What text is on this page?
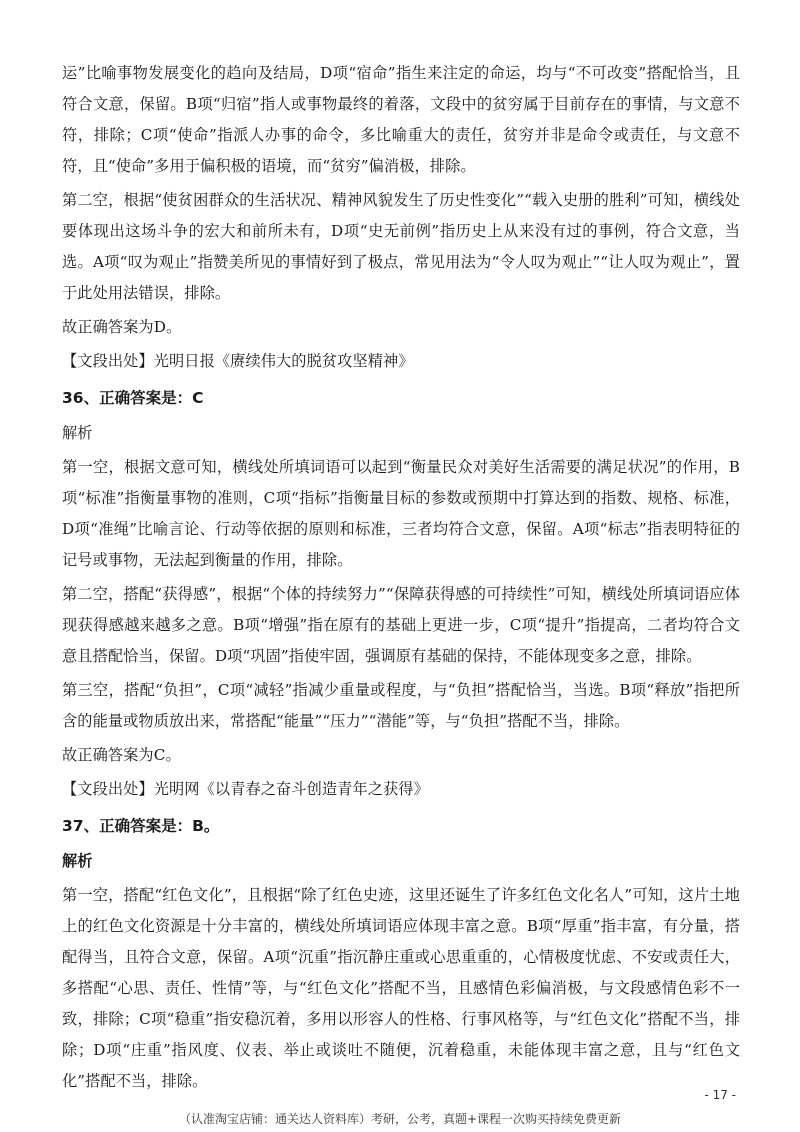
运”比喻事物发展变化的趋向及结局，D项“宿命”指生来注定的命运，均与“不可改变”搭配恰当，且符合文意，保留。B项“归宿”指人或事物最终的着落，文段中的贫穷属于目前存在的事情，与文意不符，排除；C项“使命”指派人办事的命令，多比喻重大的责任，贫穷并非是命令或责任，与文意不符，且“使命”多用于偏积极的语境，而“贫穷”偏消极，排除。

第二空，根据“使贫困群众的生活状况、精神风貌发生了历史性变化”“载入史册的胜利”可知，横线处要体现出这场斗争的宏大和前所未有，D项“史无前例”指历史上从来没有过的事例，符合文意，当选。A项“叹为观止”指赞美所见的事情好到了极点，常见用法为“令人叹为观止”“让人叹为观止”，置于此处用法错误，排除。

故正确答案为D。

【文段出处】光明日报《赓续伟大的脱贫攻坚精神》

36、正确答案是：C
解析

第一空，根据文意可知，横线处所填词语可以起到“衡量民众对美好生活需要的满足状况”的作用，B项“标准”指衡量事物的准则，C项“指标”指衡量目标的参数或预期中打算达到的指数、规格、标准，D项“准绳”比喻言论、行动等依据的原则和标准，三者均符合文意，保留。A项“标志”指表明特征的记号或事物，无法起到衡量的作用，排除。

第二空，搭配“获得感”，根据“个体的持续努力”“保障获得感的可持续性”可知，横线处所填词语应体现获得感越来越多之意。B项“增强”指在原有的基础上更进一步，C项“提升”指提高，二者均符合文意且搭配恰当，保留。D项“巩固”指使牢固，强调原有基础的保持，不能体现变多之意，排除。

第三空，搭配“负担”，C项“减轻”指减少重量或程度，与“负担”搭配恰当，当选。B项“释放”指把所含的能量或物质放出来，常搭配“能量”“压力”“潜能”等，与“负担”搭配不当，排除。

故正确答案为C。

【文段出处】光明网《以青春之奋斗创造青年之获得》

37、正确答案是：B。
解析

第一空，搭配“红色文化”，且根据“除了红色史迹，这里还诞生了许多红色文化名人”可知，这片土地上的红色文化资源是十分丰富的，横线处所填词语应体现丰富之意。B项“厚重”指丰富，有分量，搭配得当，且符合文意，保留。A项“沉重”指沉静庄重或心思重重的，心情极度忧虑、不安或责任大，多搭配“心思、责任、性情”等，与“红色文化”搭配不当，且感情色彩偏消极，与文段感情色彩不一致，排除；C项“稳重”指安稳沉着，多用以形容人的性格、行事风格等，与“红色文化”搭配不当，排除；D项“庄重”指风度、仪表、举止或谈吐不随便，沉着稳重，未能体现丰富之意，且与“红色文化”搭配不当，排除。

- 17 -
（认准淘宝店铺：通关达人资料库）考研，公考，真题+课程一次购买持续免费更新
